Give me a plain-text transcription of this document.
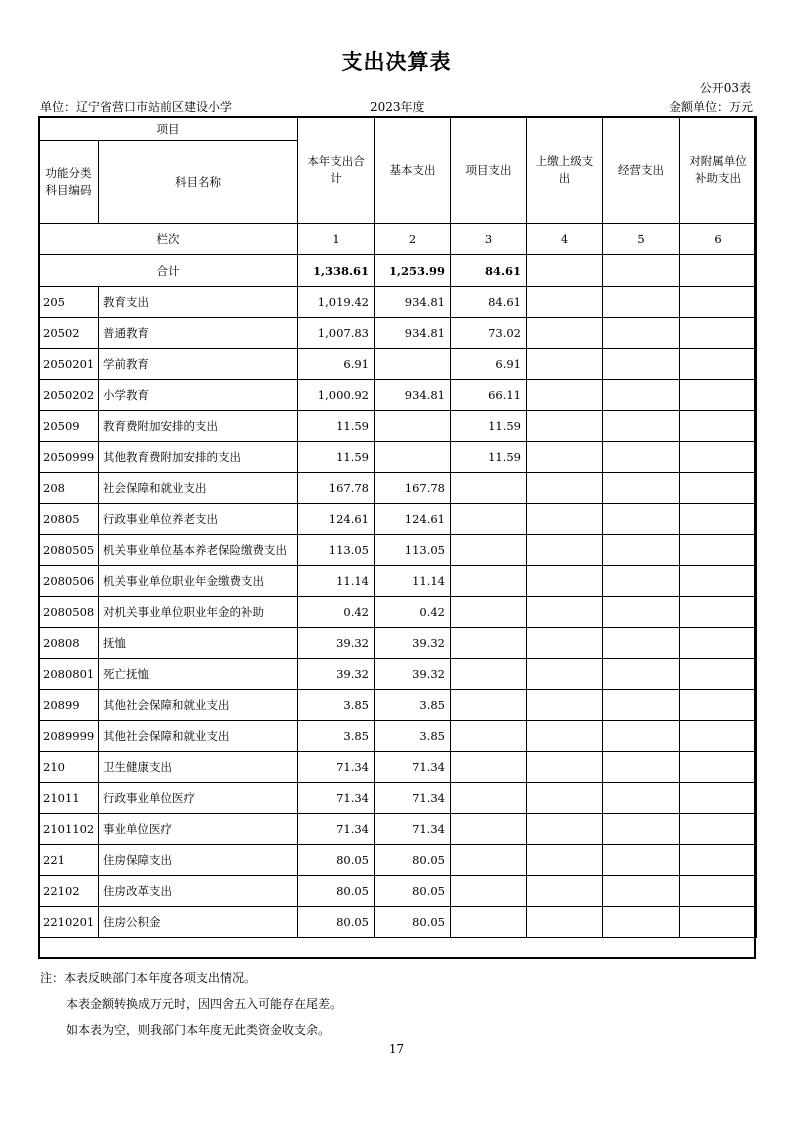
支出决算表
公开03表
单位：辽宁省营口市站前区建设小学	2023年度	金额单位：万元
项目		本年支出合计	基本支出	项目支出	上缴上级支出	经营支出	对附属单位补助支出
功能分类科目编码	科目名称						
栏次		1	2	3	4	5	6
合计		1,338.61	1,253.99	84.61			
205	教育支出	1,019.42	934.81	84.61			
20502	普通教育	1,007.83	934.81	73.02			
2050201	学前教育	6.91		6.91			
2050202	小学教育	1,000.92	934.81	66.11			
20509	教育费附加安排的支出	11.59		11.59			
2050999	其他教育费附加安排的支出	11.59		11.59			
208	社会保障和就业支出	167.78	167.78				
20805	行政事业单位养老支出	124.61	124.61				
2080505	机关事业单位基本养老保险缴费支出	113.05	113.05				
2080506	机关事业单位职业年金缴费支出	11.14	11.14				
2080508	对机关事业单位职业年金的补助	0.42	0.42				
20808	抚恤	39.32	39.32				
2080801	死亡抚恤	39.32	39.32				
20899	其他社会保障和就业支出	3.85	3.85				
2089999	其他社会保障和就业支出	3.85	3.85				
210	卫生健康支出	71.34	71.34				
21011	行政事业单位医疗	71.34	71.34				
2101102	事业单位医疗	71.34	71.34				
221	住房保障支出	80.05	80.05				
22102	住房改革支出	80.05	80.05				
2210201	住房公积金	80.05	80.05				
注：本表反映部门本年度各项支出情况。
本表金额转换成万元时，因四舍五入可能存在尾差。
如本表为空，则我部门本年度无此类资金收支余。
17
